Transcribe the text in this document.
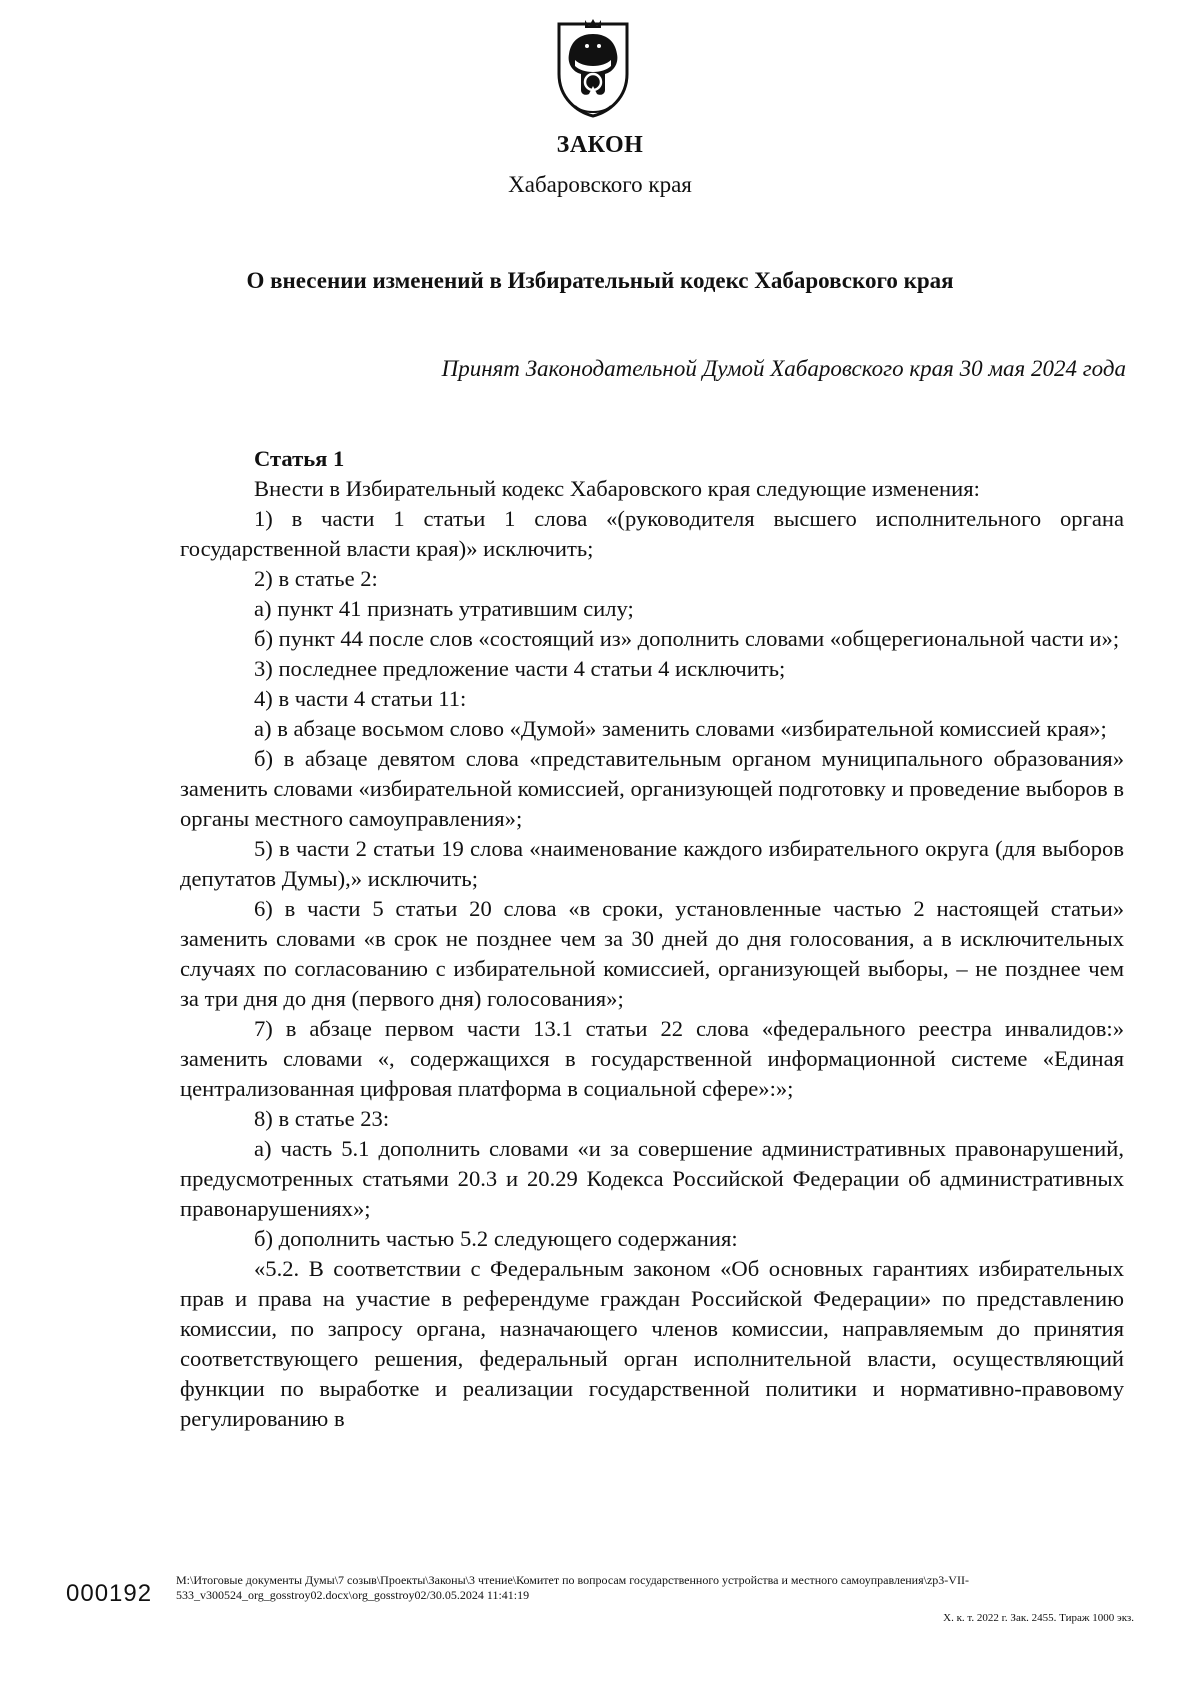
ЗАКОН
Хабаровского края
О внесении изменений в Избирательный кодекс Хабаровского края
Принят Законодательной Думой Хабаровского края 30 мая 2024 года
Статья 1
Внести в Избирательный кодекс Хабаровского края следующие изменения:
1) в части 1 статьи 1 слова «(руководителя высшего исполнительного органа государственной власти края)» исключить;
2) в статье 2:
а) пункт 41 признать утратившим силу;
б) пункт 44 после слов «состоящий из» дополнить словами «общерегиональной части и»;
3) последнее предложение части 4 статьи 4 исключить;
4) в части 4 статьи 11:
а) в абзаце восьмом слово «Думой» заменить словами «избирательной комиссией края»;
б) в абзаце девятом слова «представительным органом муниципального образования» заменить словами «избирательной комиссией, организующей подготовку и проведение выборов в органы местного самоуправления»;
5) в части 2 статьи 19 слова «наименование каждого избирательного округа (для выборов депутатов Думы),» исключить;
6) в части 5 статьи 20 слова «в сроки, установленные частью 2 настоящей статьи» заменить словами «в срок не позднее чем за 30 дней до дня голосования, а в исключительных случаях по согласованию с избирательной комиссией, организующей выборы, – не позднее чем за три дня до дня (первого дня) голосования»;
7) в абзаце первом части 13.1 статьи 22 слова «федерального реестра инвалидов:» заменить словами «, содержащихся в государственной информационной системе «Единая централизованная цифровая платформа в социальной сфере»:»;
8) в статье 23:
а) часть 5.1 дополнить словами «и за совершение административных правонарушений, предусмотренных статьями 20.3 и 20.29 Кодекса Российской Федерации об административных правонарушениях»;
б) дополнить частью 5.2 следующего содержания:
«5.2. В соответствии с Федеральным законом «Об основных гарантиях избирательных прав и права на участие в референдуме граждан Российской Федерации» по представлению комиссии, по запросу органа, назначающего членов комиссии, направляемым до принятия соответствующего решения, федеральный орган исполнительной власти, осуществляющий функции по выработке и реализации государственной политики и нормативно-правовому регулированию в
000192 M:\Итоговые документы Думы\7 созыв\Проекты\Законы\3 чтение\Комитет по вопросам государственного устройства и местного самоуправления\zp3-VII-533_v300524_org_gosstroy02.docx\org_gosstroy02/30.05.2024 11:41:19
Х. к. т. 2022 г. Зак. 2455. Тираж 1000 экз.
